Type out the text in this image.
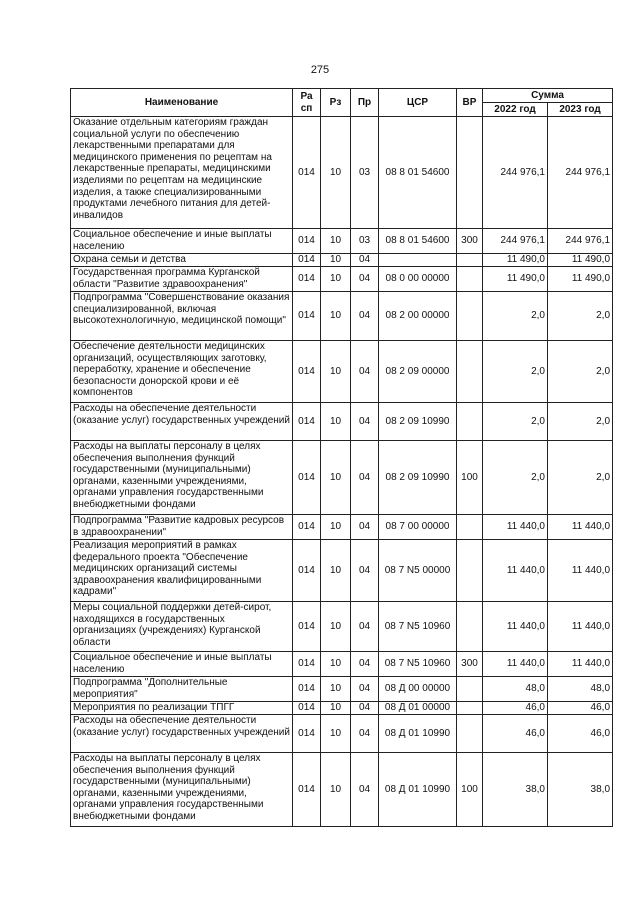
275
Наименование	Ра сп	Рз	Пр	ЦСР	ВР	Сумма	
						2022 год	2023 год
Оказание отдельным категориям граждан социальной услуги по обеспечению лекарственными препаратами для медицинского применения по рецептам на лекарственные препараты, медицинскими изделиями по рецептам на медицинские изделия, а также специализированными продуктами лечебного питания для детей-инвалидов	014	10	03	08 8 01 54600		244 976,1	244 976,1
Социальное обеспечение и иные выплаты населению	014	10	03	08 8 01 54600	300	244 976,1	244 976,1
Охрана семьи и детства	014	10	04			11 490,0	11 490,0
Государственная программа Курганской области "Развитие здравоохранения"	014	10	04	08 0 00 00000		11 490,0	11 490,0
Подпрограмма "Совершенствование оказания специализированной, включая высокотехнологичную, медицинской помощи"	014	10	04	08 2 00 00000		2,0	2,0
Обеспечение деятельности медицинских организаций, осуществляющих заготовку, переработку, хранение и обеспечение безопасности донорской крови и её компонентов	014	10	04	08 2 09 00000		2,0	2,0
Расходы на обеспечение деятельности (оказание услуг) государственных учреждений	014	10	04	08 2 09 10990		2,0	2,0
Расходы на выплаты персоналу в целях обеспечения выполнения функций государственными (муниципальными) органами, казенными учреждениями, органами управления государственными внебюджетными фондами	014	10	04	08 2 09 10990	100	2,0	2,0
Подпрограмма "Развитие кадровых ресурсов в здравоохранении"	014	10	04	08 7 00 00000		11 440,0	11 440,0
Реализация мероприятий в рамках федерального проекта "Обеспечение медицинских организаций системы здравоохранения квалифицированными кадрами"	014	10	04	08 7 N5 00000		11 440,0	11 440,0
Меры социальной поддержки детей-сирот, находящихся в государственных организациях (учреждениях) Курганской области	014	10	04	08 7 N5 10960		11 440,0	11 440,0
Социальное обеспечение и иные выплаты населению	014	10	04	08 7 N5 10960	300	11 440,0	11 440,0
Подпрограмма "Дополнительные мероприятия"	014	10	04	08 Д 00 00000		48,0	48,0
Мероприятия по реализации ТПГГ	014	10	04	08 Д 01 00000		46,0	46,0
Расходы на обеспечение деятельности (оказание услуг) государственных учреждений	014	10	04	08 Д 01 10990		46,0	46,0
Расходы на выплаты персоналу в целях обеспечения выполнения функций государственными (муниципальными) органами, казенными учреждениями, органами управления государственными внебюджетными фондами	014	10	04	08 Д 01 10990	100	38,0	38,0
